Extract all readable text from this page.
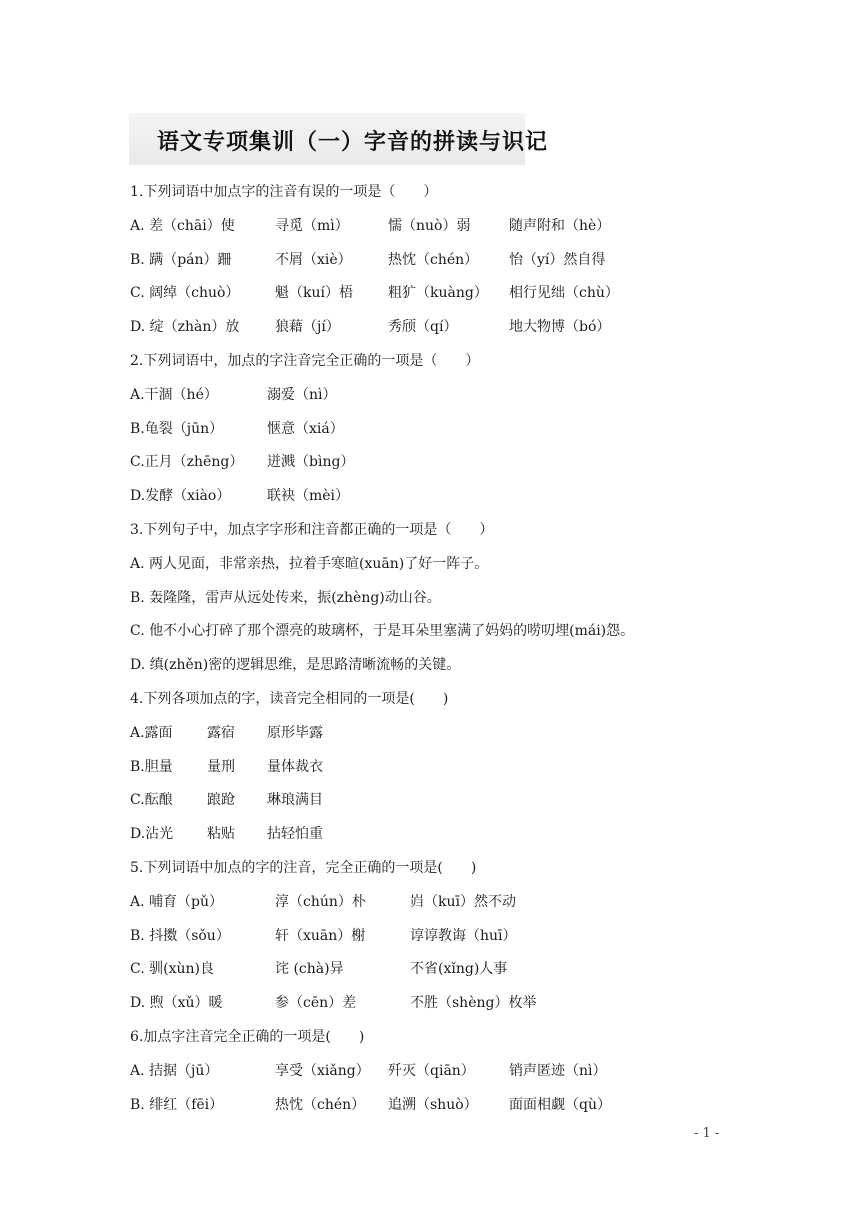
语文专项集训（一）字音的拼读与识记
1.下列词语中加点字的注音有误的一项是（　　）
A. 差（chāi）使	寻觅（mì）	懦（nuò）弱	随声附和（hè）
B. 蹒（pán）跚	不屑（xiè）	热忱（chén） 怡（yí）然自得
C. 阔绰（chuò）	魁（kuí）梧	粗犷（kuàng） 相行见绌（chù）
D. 绽（zhàn）放	狼藉（jí）	秀颀（qí）	地大物博（bó）
2.下列词语中，加点的字注音完全正确的一项是（　　）
A.干涸（hé）	溺爱（nì）
B.龟裂（jūn）	惬意（xiá）
C.正月（zhēng） 迸溅（bìng）
D.发酵（xiào）	联袂（mèi）
3.下列句子中，加点字字形和注音都正确的一项是（　　）
A. 两人见面，非常亲热，拉着手寒暄(xuān)了好一阵子。
B. 轰隆隆，雷声从远处传来，振(zhèng)动山谷。
C. 他不小心打碎了那个漂亮的玻璃杯，于是耳朵里塞满了妈妈的唠叨埋(mái)怨。
D. 缜(zhěn)密的逻辑思维，是思路清晰流畅的关键。
4.下列各项加点的字，读音完全相同的一项是(　　)
A.露面 露宿 原形毕露
B.胆量 量刑 量体裁衣
C.酝酿 踉跄 琳琅满目
D.沾光 粘贴 拈轻怕重
5.下列词语中加点的字的注音，完全正确的一项是(　　)
A. 哺育（pǔ）	淳（chún）朴	岿（kuī）然不动
B. 抖擞（sǒu）	轩（xuān）榭	谆谆教诲（huī）
C. 驯(xùn)良	诧 (chà)异	不省(xǐng)人事
D. 煦（xǔ）暖	参（cēn）差	不胜（shèng）枚举
6.加点字注音完全正确的一项是(　　)
A. 拮据（jū）	享受（xiǎng） 歼灭（qiān） 销声匿迹（nì）
B. 绯红（fēi）	热忱（chén） 追溯（shuò） 面面相觑（qù）
- 1 -
